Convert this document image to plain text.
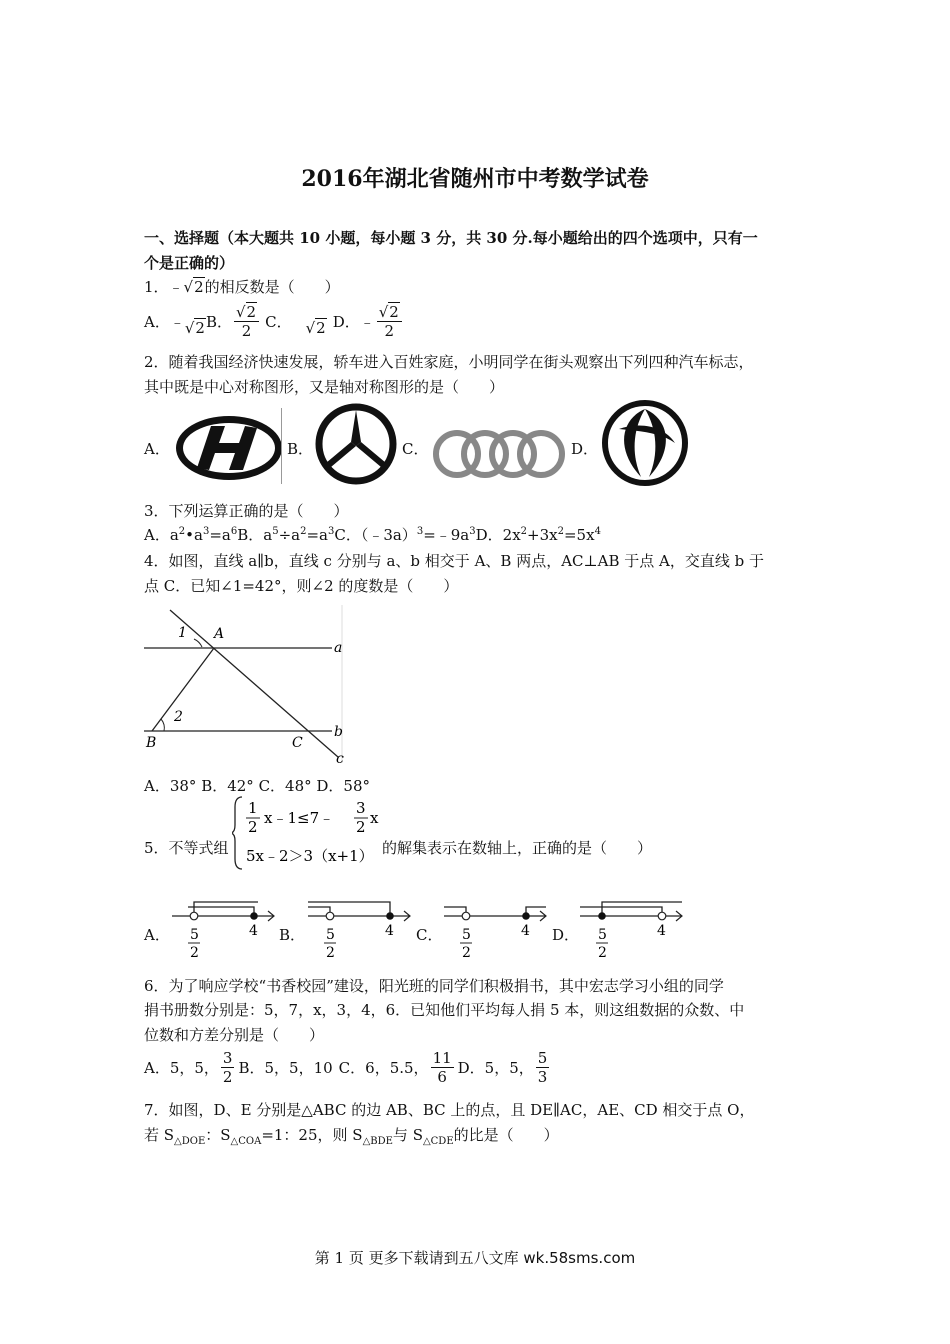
2016年湖北省随州市中考数学试卷
一、选择题（本大题共 10 小题，每小题 3 分，共 30 分.每小题给出的四个选项中，只有一
个是正确的）
1．﹣√2的相反数是（　　）
A．﹣ √2 B． $\frac{√2}{2}$ C． √2 D．﹣ $\frac{√2}{2}$
2．随着我国经济快速发展，轿车进入百姓家庭，小明同学在街头观察出下列四种汽车标志，
其中既是中心对称图形，又是轴对称图形的是（　　）
A．	B．	C．	D．
3．下列运算正确的是（　　）
A．$a^2•a^3=a^6B$．$a^5\div a^2=a^3C$．$(﹣3a)^3=﹣9a^3D$．$2x^2+3x^2=5x^4$
4．如图，直线 a∥b，直线 c 分别与 a、b 相交于 A、B 两点，AC⊥AB 于点 A，交直线 b 于
点 C．已知∠1=42°，则∠2 的度数是（　　）
1 A
a
2
B	C
b
c
A．38° B．42° C．48° D．58°
5．不等式组
1
2 x﹣1≤7﹣
3
2 x
5x﹣2＞3（x+1） 的解集表示在数轴上，正确的是（　　）
A．	B．	C．	D．
5
2
4	5
2
4	5
2
4	5
2
4
6．为了响应学校“书香校园”建设，阳光班的同学们积极捐书，其中宏志学习小组的同学
捐书册数分别是：5，7，x，3，4，6．已知他们平均每人捐 5 本，则这组数据的众数、中
位数和方差分别是（　　）
A．5，5， $\frac{3}{2}$ B．5，5，10 C．6，5.5， $\frac{11}{6}$ D．5，5， $\frac{5}{3}$
7．如图，D、E 分别是△ABC 的边 AB、BC 上的点，且 DE∥AC，AE、CD 相交于点 O，
若 $S_{\triangle DOE}$：$S_{\triangle COA}=1$：25，则 $S_{\triangle BDE}$与 $S_{\triangle CDE}$的比是（　　）
第 1 页 更多下载请到五八文库 wk.58sms.com
